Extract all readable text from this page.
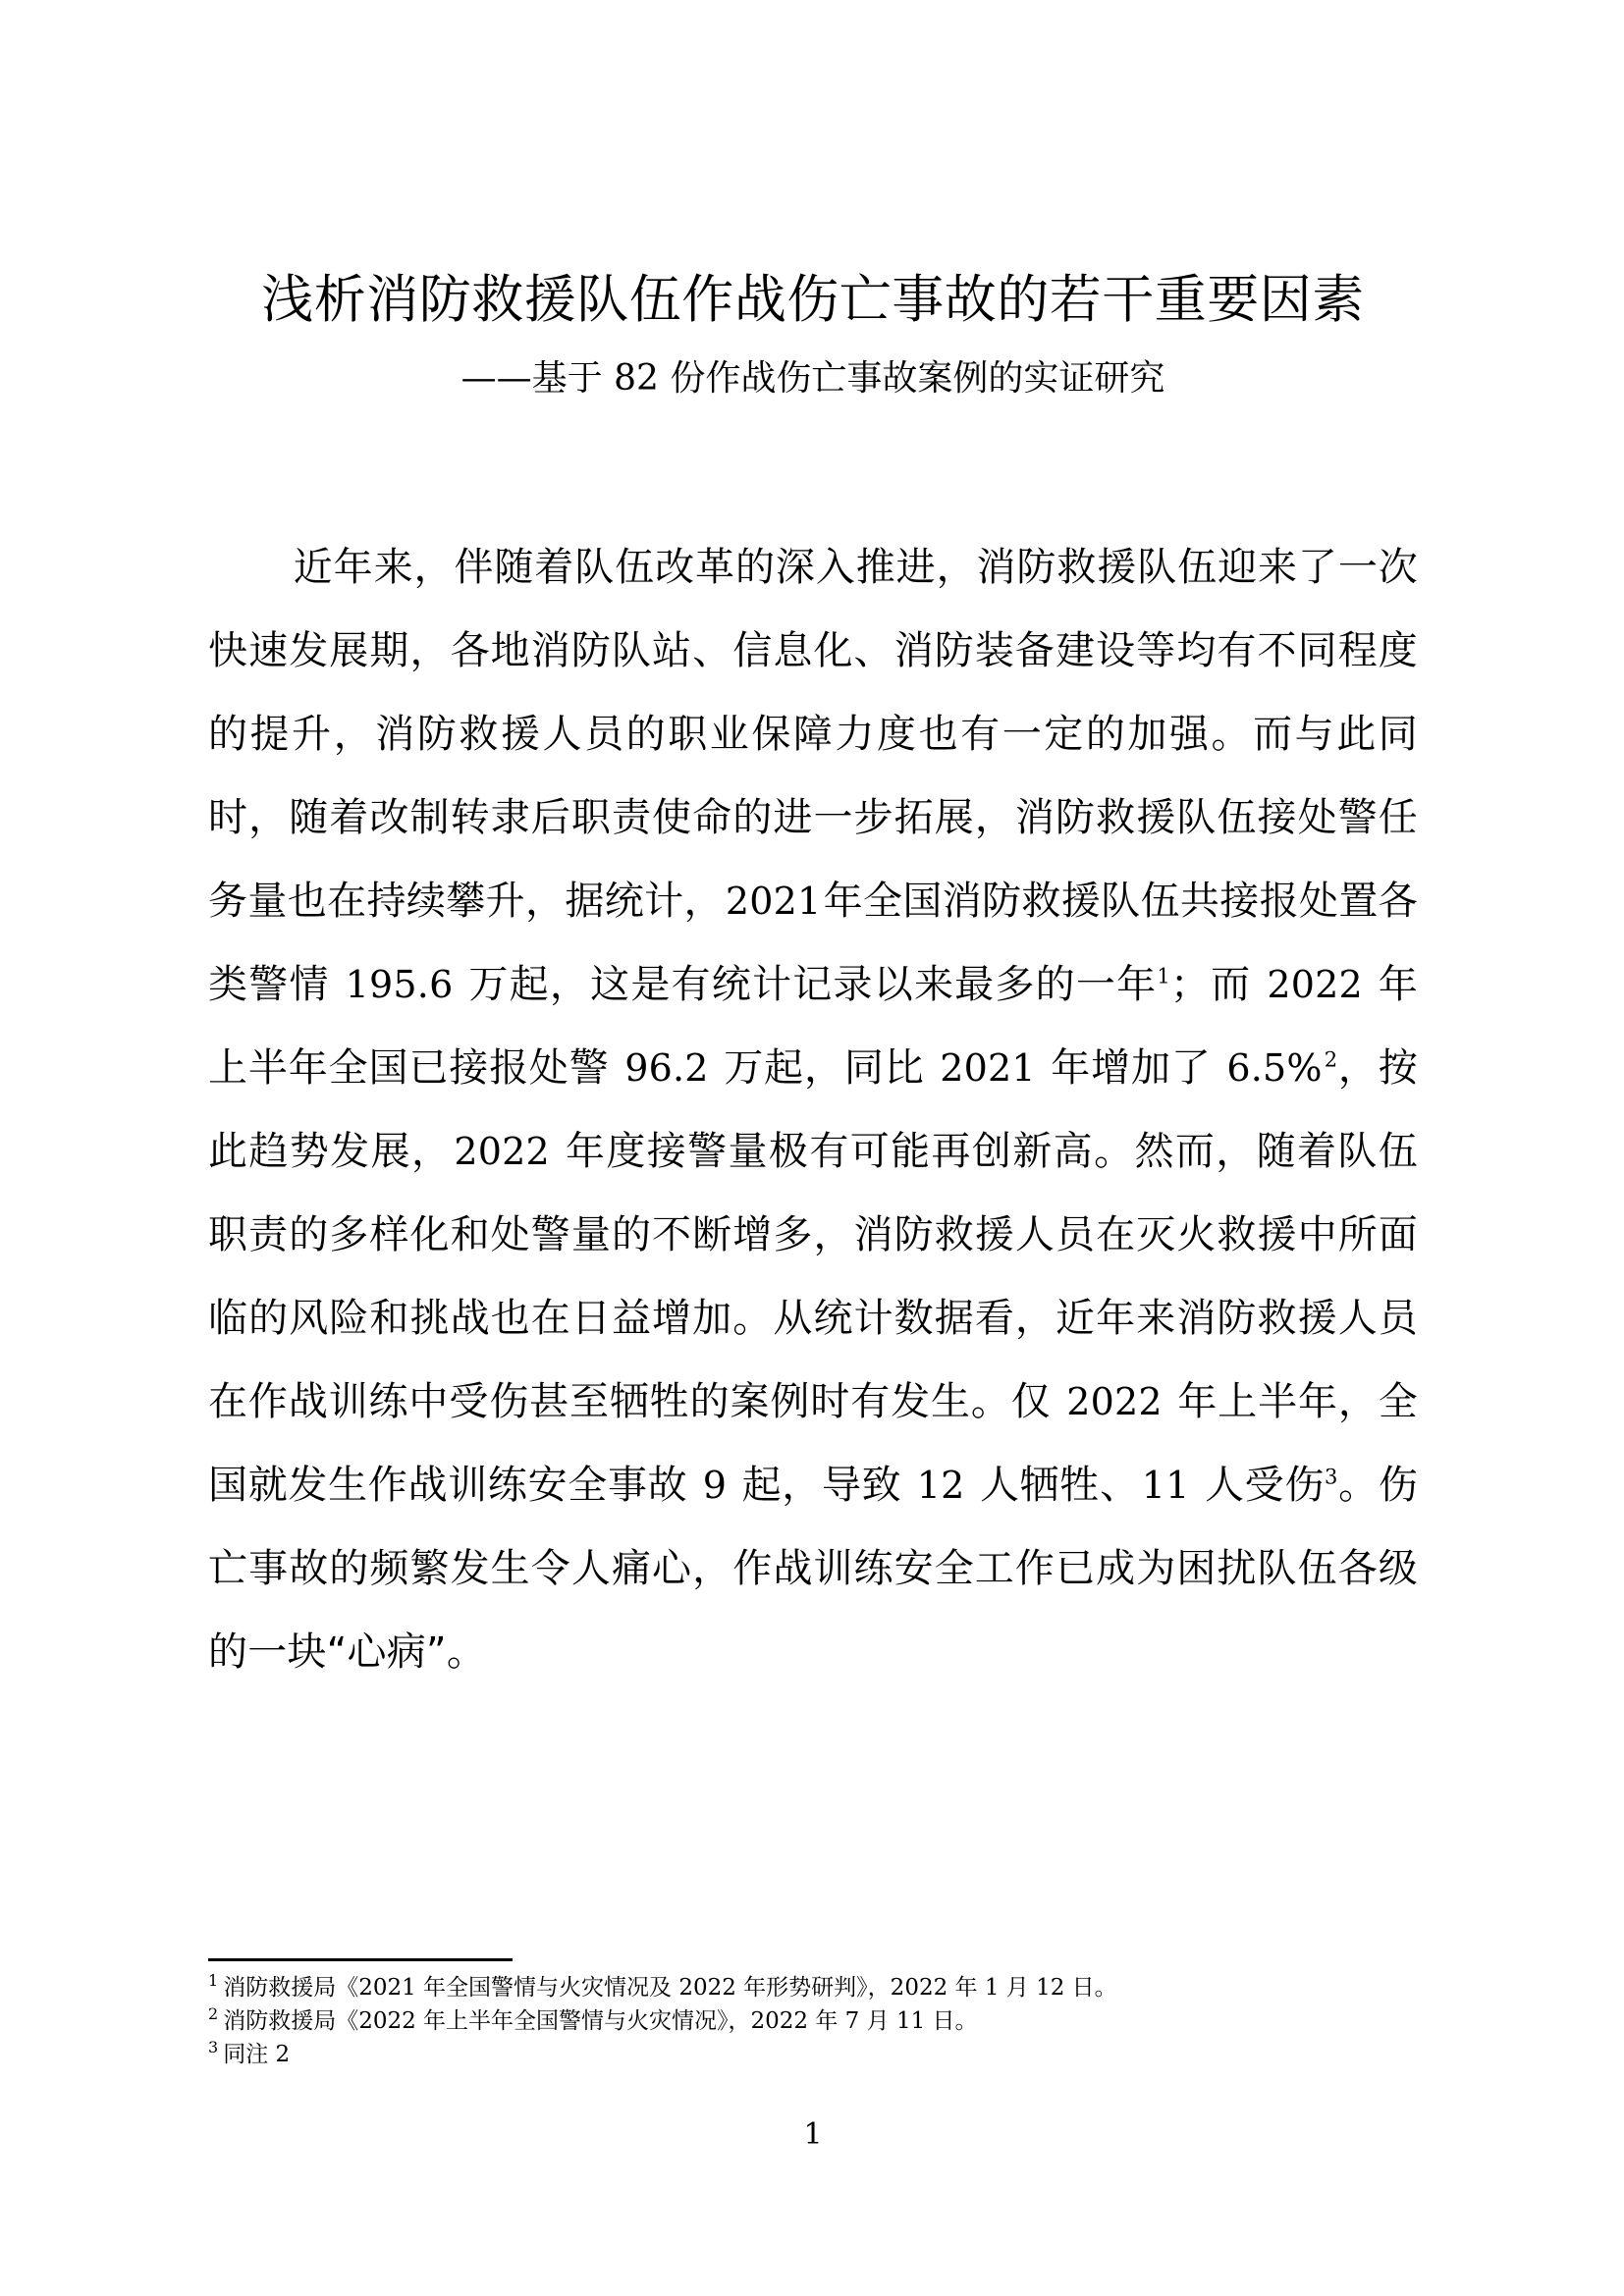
浅析消防救援队伍作战伤亡事故的若干重要因素
——基于 82 份作战伤亡事故案例的实证研究

近年来，伴随着队伍改革的深入推进，消防救援队伍迎来了一次快速发展期，各地消防队站、信息化、消防装备建设等均有不同程度的提升，消防救援人员的职业保障力度也有一定的加强。而与此同时，随着改制转隶后职责使命的进一步拓展，消防救援队伍接处警任务量也在持续攀升，据统计，2021年全国消防救援队伍共接报处置各类警情 195.6 万起，这是有统计记录以来最多的一年$^1$；而 2022 年上半年全国已接报处警 96.2 万起，同比 2021 年增加了 6.5%$^2$，按此趋势发展，2022 年度接警量极有可能再创新高。然而，随着队伍职责的多样化和处警量的不断增多，消防救援人员在灭火救援中所面临的风险和挑战也在日益增加。从统计数据看，近年来消防救援人员在作战训练中受伤甚至牺牲的案例时有发生。仅 2022 年上半年，全国就发生作战训练安全事故 9 起，导致 12 人牺牲、11 人受伤$^3$。伤亡事故的频繁发生令人痛心，作战训练安全工作已成为困扰队伍各级的一块“心病”。

$^1$ 消防救援局《2021 年全国警情与火灾情况及 2022 年形势研判》，2022 年 1 月 12 日。

$^2$ 消防救援局《2022 年上半年全国警情与火灾情况》，2022 年 7 月 11 日。

$^3$ 同注 2

1
